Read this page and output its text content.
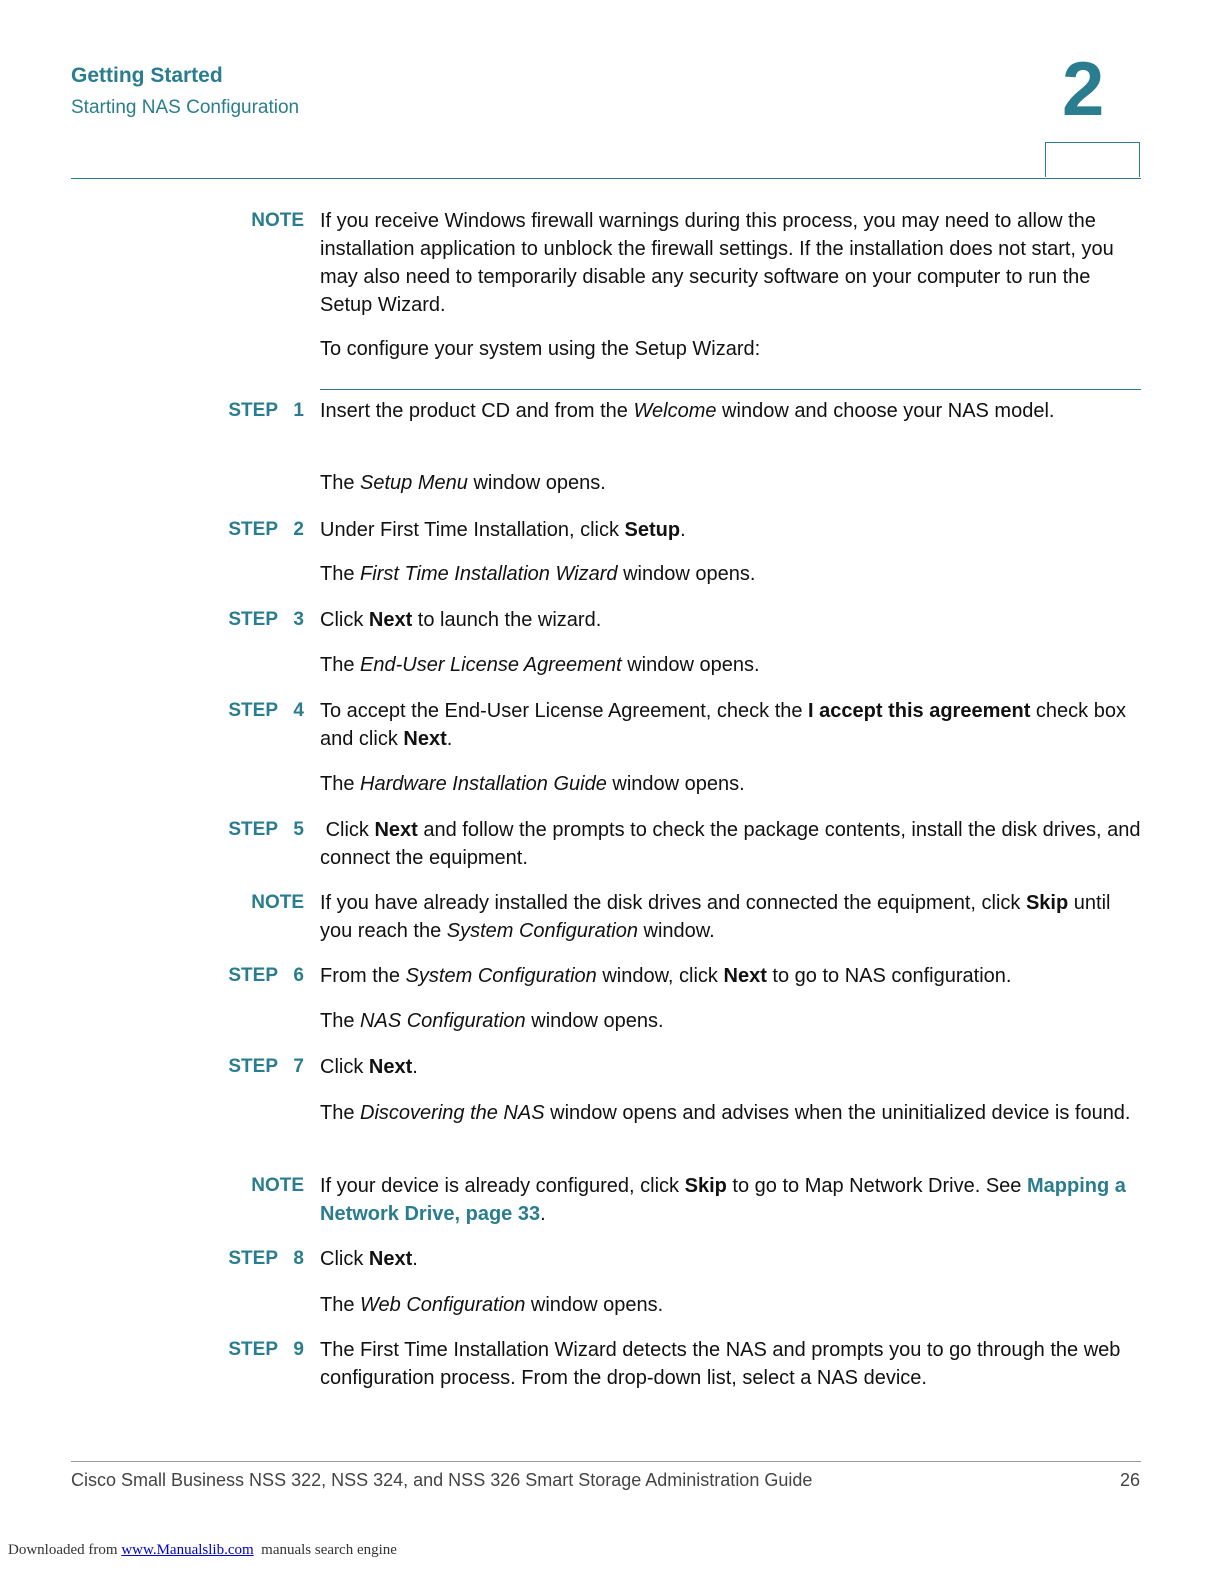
Getting Started
Starting NAS Configuration	2
NOTE If you receive Windows firewall warnings during this process, you may need to allow the installation application to unblock the firewall settings. If the installation does not start, you may also need to temporarily disable any security software on your computer to run the Setup Wizard.
To configure your system using the Setup Wizard:
STEP 1 Insert the product CD and from the Welcome window and choose your NAS model.
The Setup Menu window opens.
STEP 2 Under First Time Installation, click Setup.
The First Time Installation Wizard window opens.
STEP 3 Click Next to launch the wizard.
The End-User License Agreement window opens.
STEP 4 To accept the End-User License Agreement, check the I accept this agreement check box and click Next.
The Hardware Installation Guide window opens.
STEP 5 Click Next and follow the prompts to check the package contents, install the disk drives, and connect the equipment.
NOTE If you have already installed the disk drives and connected the equipment, click Skip until you reach the System Configuration window.
STEP 6 From the System Configuration window, click Next to go to NAS configuration.
The NAS Configuration window opens.
STEP 7 Click Next.
The Discovering the NAS window opens and advises when the uninitialized device is found.
NOTE If your device is already configured, click Skip to go to Map Network Drive. See Mapping a Network Drive, page 33.
STEP 8 Click Next.
The Web Configuration window opens.
STEP 9 The First Time Installation Wizard detects the NAS and prompts you to go through the web configuration process. From the drop-down list, select a NAS device.
Cisco Small Business NSS 322, NSS 324, and NSS 326 Smart Storage Administration Guide	26
Downloaded from www.Manualslib.com  manuals search engine
